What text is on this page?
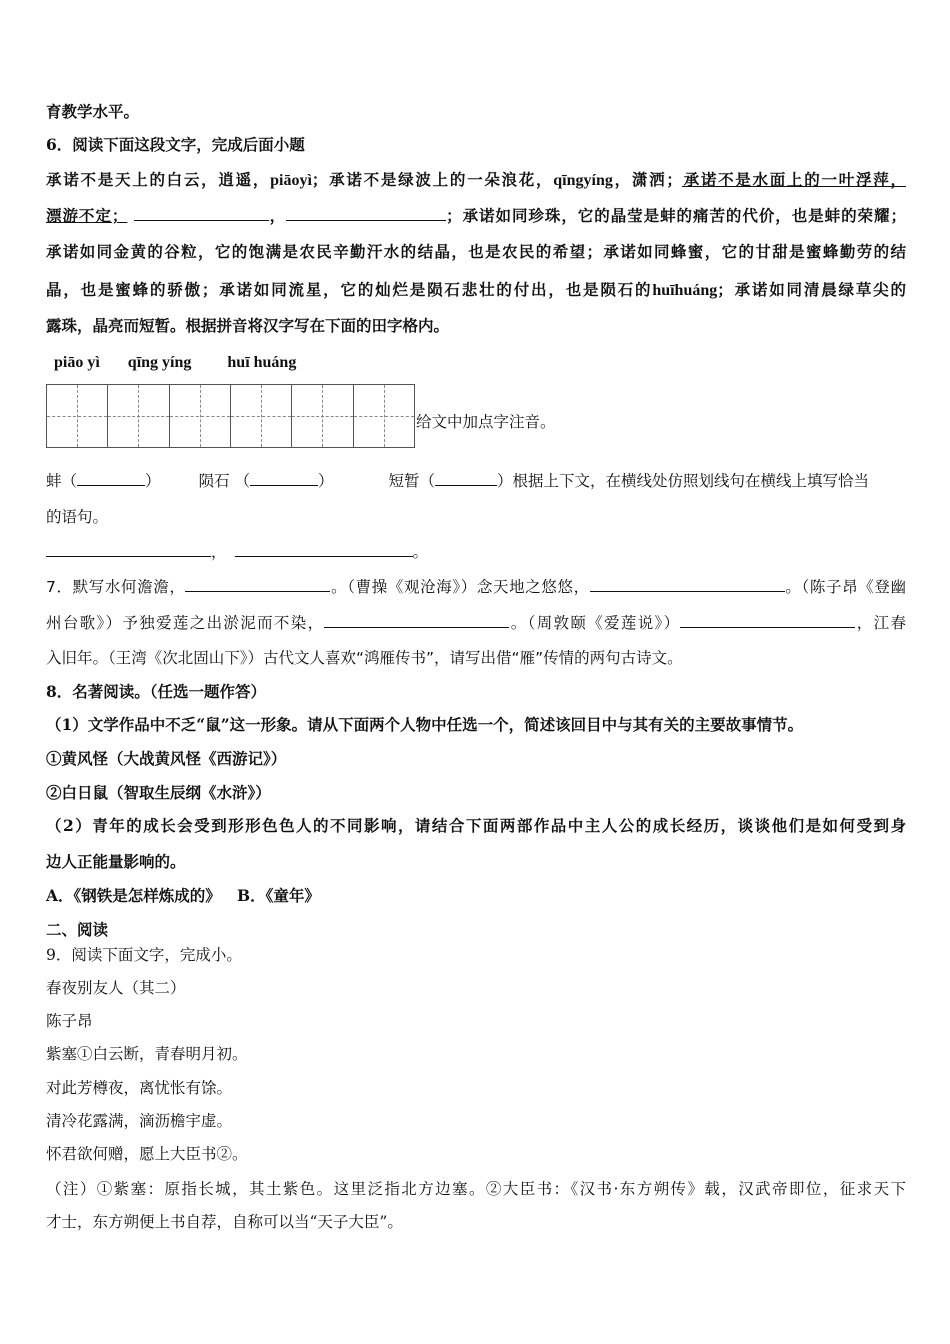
育教学水平。
6．阅读下面这段文字，完成后面小题
承诺不是天上的白云，逍遥，piāoyì；承诺不是绿波上的一朵浪花，qīngyíng，潇洒；承诺不是水面上的一叶浮萍，
漂游不定；	，	；承诺如同珍珠，它的晶莹是蚌的痛苦的代价，也是蚌的荣耀；
承诺如同金黄的谷粒，它的饱满是农民辛勤汗水的结晶，也是农民的希望；承诺如同蜂蜜，它的甘甜是蜜蜂勤劳的结
晶，也是蜜蜂的骄傲；承诺如同流星，它的灿烂是陨石悲壮的付出，也是陨石的huīhuáng；承诺如同清晨绿草尖的
露珠，晶亮而短暂。根据拼音将汉字写在下面的田字格内。
piāo yì qīng yíng huī huáng
给文中加点字注音。
蚌（	） 陨石 （	）	短暂（	）根据上下文，在横线处仿照划线句在横线上填写恰当
的语句。
，	。
7．默写水何澹澹，	。（曹操《观沧海》）念天地之悠悠，	。（陈子昂《登幽
州台歌》）予独爱莲之出淤泥而不染，	。（周敦颐《爱莲说》）	，江春
入旧年。（王湾《次北固山下》）古代文人喜欢“鸿雁传书”，请写出借“雁”传情的两句古诗文。
8．名著阅读。（任选一题作答）
（1）文学作品中不乏“鼠”这一形象。请从下面两个人物中任选一个，简述该回目中与其有关的主要故事情节。
①黄风怪（大战黄风怪《西游记》）
②白日鼠（智取生辰纲《水浒》）
（2）青年的成长会受到形形色色人的不同影响，请结合下面两部作品中主人公的成长经历，谈谈他们是如何受到身
边人正能量影响的。
A．《钢铁是怎样炼成的》   B．《童年》
二、阅读
9．阅读下面文字，完成小。
春夜别友人（其二）
陈子昂
紫塞①白云断，青春明月初。
对此芳樽夜，离忧怅有馀。
清冷花露满，滴沥檐宇虚。
怀君欲何赠，愿上大臣书②。
（注）①紫塞：原指长城，其土紫色。这里泛指北方边塞。②大臣书：《汉书·东方朔传》载，汉武帝即位，征求天下
才士，东方朔便上书自荐，自称可以当“天子大臣”。
